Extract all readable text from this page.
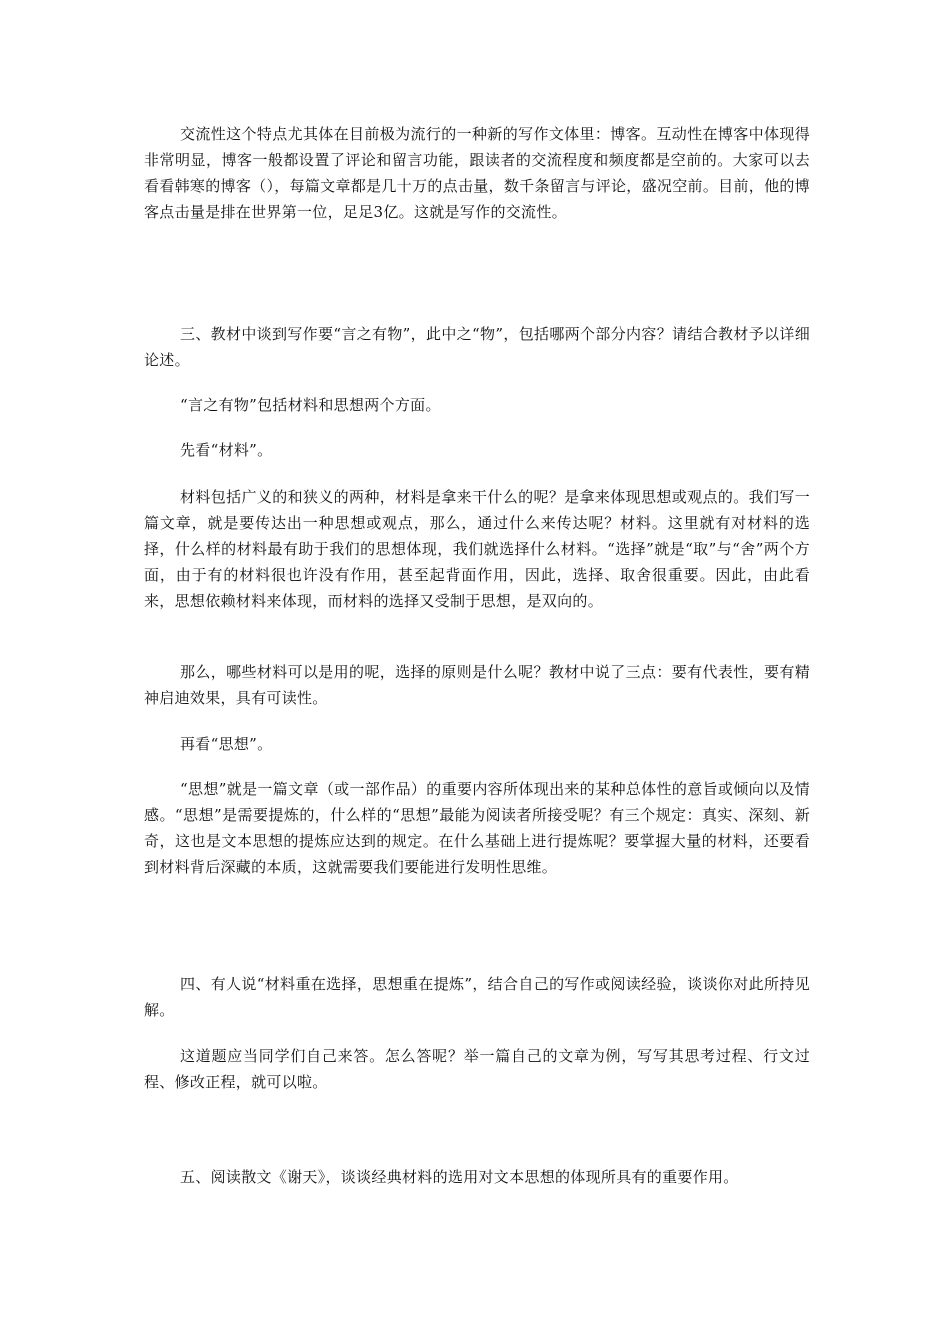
交流性这个特点尤其体在目前极为流行的一种新的写作文体里：博客。互动性在博客中体现得非常明显，博客一般都设置了评论和留言功能，跟读者的交流程度和频度都是空前的。大家可以去看看韩寒的博客（），每篇文章都是几十万的点击量，数千条留言与评论，盛况空前。目前，他的博客点击量是排在世界第一位，足足3亿。这就是写作的交流性。

三、教材中谈到写作要“言之有物”，此中之“物”，包括哪两个部分内容？请结合教材予以详细论述。

“言之有物”包括材料和思想两个方面。

先看“材料”。

材料包括广义的和狭义的两种，材料是拿来干什么的呢？是拿来体现思想或观点的。我们写一篇文章，就是要传达出一种思想或观点，那么，通过什么来传达呢？材料。这里就有对材料的选择，什么样的材料最有助于我们的思想体现，我们就选择什么材料。“选择”就是“取”与“舍”两个方面，由于有的材料很也许没有作用，甚至起背面作用，因此，选择、取舍很重要。因此，由此看来，思想依赖材料来体现，而材料的选择又受制于思想，是双向的。

那么，哪些材料可以是用的呢，选择的原则是什么呢？教材中说了三点：要有代表性，要有精神启迪效果，具有可读性。

再看“思想”。

“思想”就是一篇文章（或一部作品）的重要内容所体现出来的某种总体性的意旨或倾向以及情感。“思想”是需要提炼的，什么样的“思想”最能为阅读者所接受呢？有三个规定：真实、深刻、新奇，这也是文本思想的提炼应达到的规定。在什么基础上进行提炼呢？要掌握大量的材料，还要看到材料背后深藏的本质，这就需要我们要能进行发明性思维。

四、有人说“材料重在选择，思想重在提炼”，结合自己的写作或阅读经验，谈谈你对此所持见解。

这道题应当同学们自己来答。怎么答呢？举一篇自己的文章为例，写写其思考过程、行文过程、修改正程，就可以啦。

五、阅读散文《谢天》，谈谈经典材料的选用对文本思想的体现所具有的重要作用。
